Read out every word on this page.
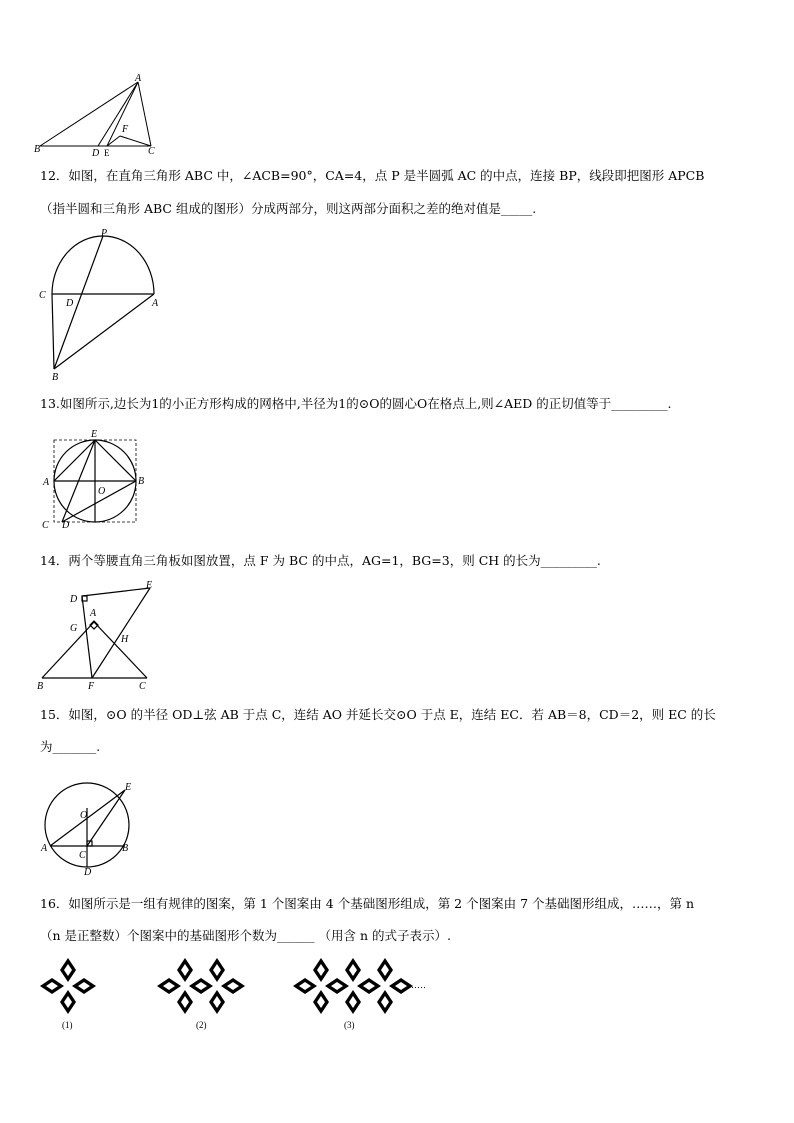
A
B	C
D E
F
12．如图，在直角三角形 ABC 中，∠ACB=90°，CA=4，点 P 是半圆弧 AC 的中点，连接 BP，线段即把图形 APCB
（指半圆和三角形 ABC 组成的图形）分成两部分，则这两部分面积之差的绝对值是_____.
P
C
D	A
B
13.如图所示,边长为1的小正方形构成的网格中,半径为1的⊙O的圆心O在格点上,则∠AED 的正切值等于_________.
E
A	B
O
C D
14．两个等腰直角三角板如图放置，点 F 为 BC 的中点，AG=1，BG=3，则 CH 的长为_________.
E
D
A
G
H
B	F	C
15．如图，⊙O 的半径 OD⊥弦 AB 于点 C，连结 AO 并延长交⊙O 于点 E，连结 EC．若 AB＝8，CD＝2，则 EC 的长
为_______.
E
O
A
C
B
D
16．如图所示是一组有规律的图案，第 1 个图案由 4 个基础图形组成，第 2 个图案由 7 个基础图形组成，……，第 n
（n 是正整数）个图案中的基础图形个数为______ （用含 n 的式子表示）.
(1)	(2)	(3)
……
